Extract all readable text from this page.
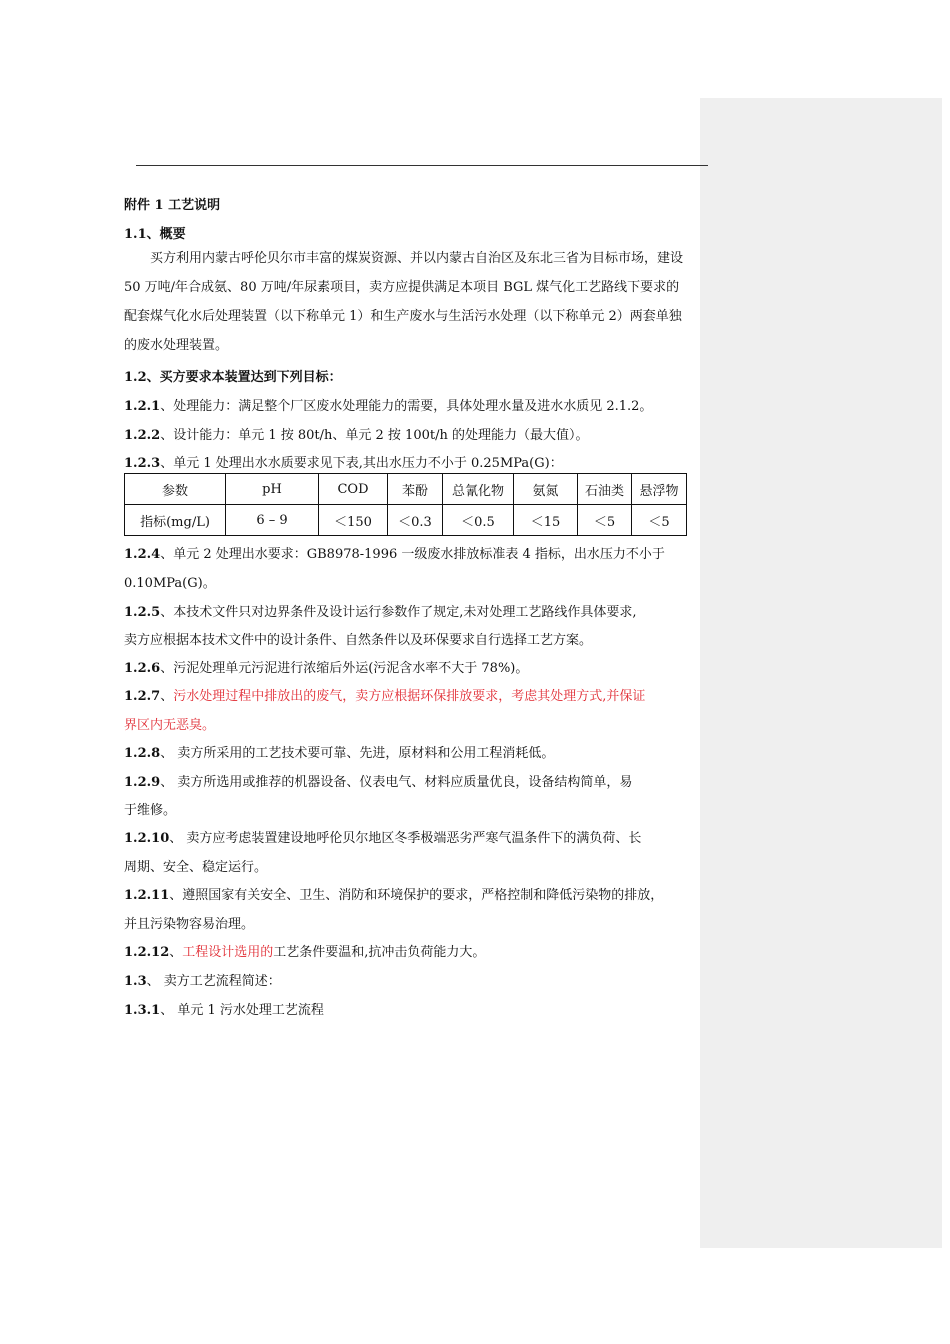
附件 1 工艺说明
1.1、概要
买方利用内蒙古呼伦贝尔市丰富的煤炭资源、并以内蒙古自治区及东北三省为目标市场，建设 50 万吨/年合成氨、80 万吨/年尿素项目，卖方应提供满足本项目 BGL 煤气化工艺路线下要求的配套煤气化水后处理装置（以下称单元 1）和生产废水与生活污水处理（以下称单元 2）两套单独的废水处理装置。
1.2、买方要求本装置达到下列目标：
1.2.1、处理能力：满足整个厂区废水处理能力的需要，具体处理水量及进水水质见 2.1.2。
1.2.2、设计能力：单元 1 按 80t/h、单元 2 按 100t/h 的处理能力（最大值）。
1.2.3、单元 1 处理出水水质要求见下表,其出水压力不小于 0.25MPa(G)：
参数	pH	COD	苯酚	总氰化物	氨氮	石油类	悬浮物
指标(mg/L)	6 – 9	＜150	＜0.3	＜0.5	＜15	＜5	＜5
1.2.4、单元 2 处理出水要求：GB8978-1996 一级废水排放标准表 4 指标，出水压力不小于
0.10MPa(G)。
1.2.5、本技术文件只对边界条件及设计运行参数作了规定,未对处理工艺路线作具体要求,
卖方应根据本技术文件中的设计条件、自然条件以及环保要求自行选择工艺方案。
1.2.6、污泥处理单元污泥进行浓缩后外运(污泥含水率不大于 78%)。
1.2.7、污水处理过程中排放出的废气，卖方应根据环保排放要求，考虑其处理方式,并保证
界区内无恶臭。
1.2.8、 卖方所采用的工艺技术要可靠、先进，原材料和公用工程消耗低。
1.2.9、 卖方所选用或推荐的机器设备、仪表电气、材料应质量优良，设备结构简单，易
于维修。
1.2.10、 卖方应考虑装置建设地呼伦贝尔地区冬季极端恶劣严寒气温条件下的满负荷、长
周期、安全、稳定运行。
1.2.11、遵照国家有关安全、卫生、消防和环境保护的要求，严格控制和降低污染物的排放，
并且污染物容易治理。
1.2.12、工程设计选用的工艺条件要温和,抗冲击负荷能力大。
1.3、 卖方工艺流程简述：
1.3.1、 单元 1 污水处理工艺流程
